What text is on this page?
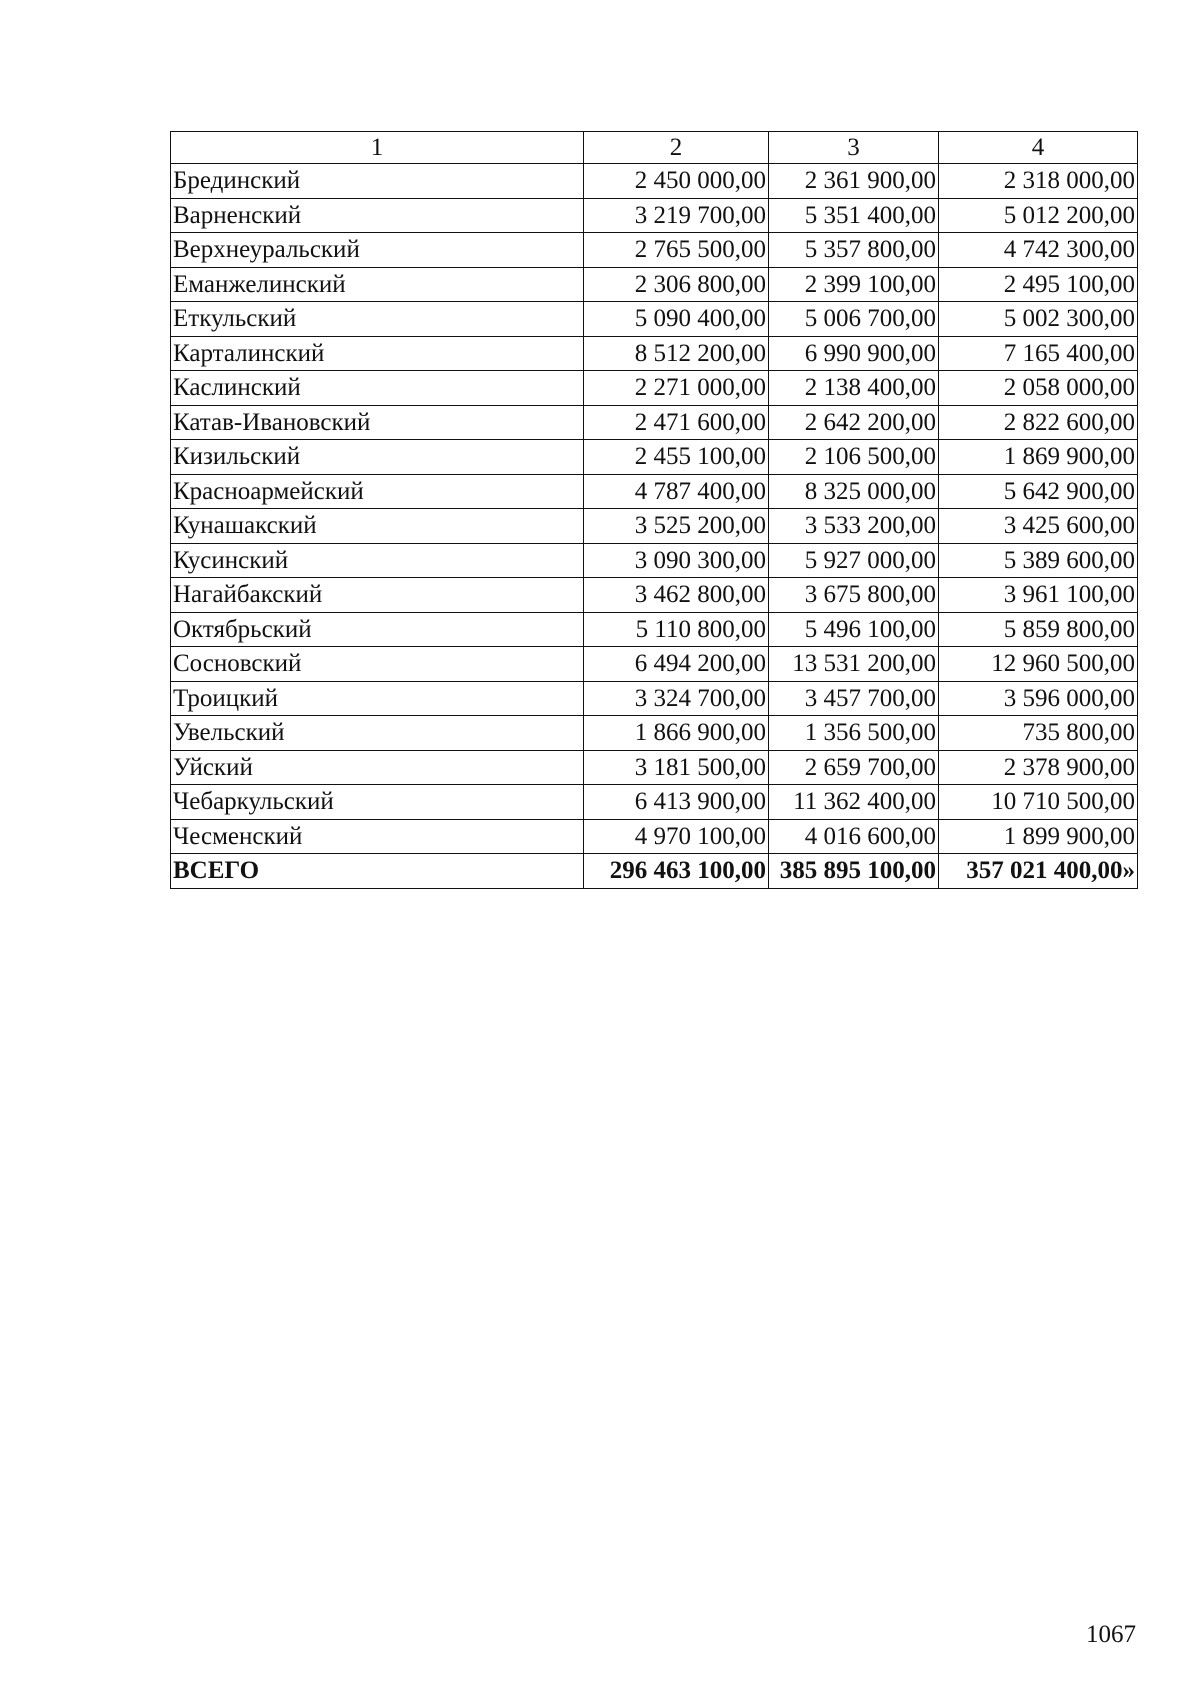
1	2	3	4
Брединский	2 450 000,00	2 361 900,00	2 318 000,00
Варненский	3 219 700,00	5 351 400,00	5 012 200,00
Верхнеуральский	2 765 500,00	5 357 800,00	4 742 300,00
Еманжелинский	2 306 800,00	2 399 100,00	2 495 100,00
Еткульский	5 090 400,00	5 006 700,00	5 002 300,00
Карталинский	8 512 200,00	6 990 900,00	7 165 400,00
Каслинский	2 271 000,00	2 138 400,00	2 058 000,00
Катав-Ивановский	2 471 600,00	2 642 200,00	2 822 600,00
Кизильский	2 455 100,00	2 106 500,00	1 869 900,00
Красноармейский	4 787 400,00	8 325 000,00	5 642 900,00
Кунашакский	3 525 200,00	3 533 200,00	3 425 600,00
Кусинский	3 090 300,00	5 927 000,00	5 389 600,00
Нагайбакский	3 462 800,00	3 675 800,00	3 961 100,00
Октябрьский	5 110 800,00	5 496 100,00	5 859 800,00
Сосновский	6 494 200,00	13 531 200,00	12 960 500,00
Троицкий	3 324 700,00	3 457 700,00	3 596 000,00
Увельский	1 866 900,00	1 356 500,00	735 800,00
Уйский	3 181 500,00	2 659 700,00	2 378 900,00
Чебаркульский	6 413 900,00	11 362 400,00	10 710 500,00
Чесменский	4 970 100,00	4 016 600,00	1 899 900,00
ВСЕГО	296 463 100,00	385 895 100,00	357 021 400,00»
1067
